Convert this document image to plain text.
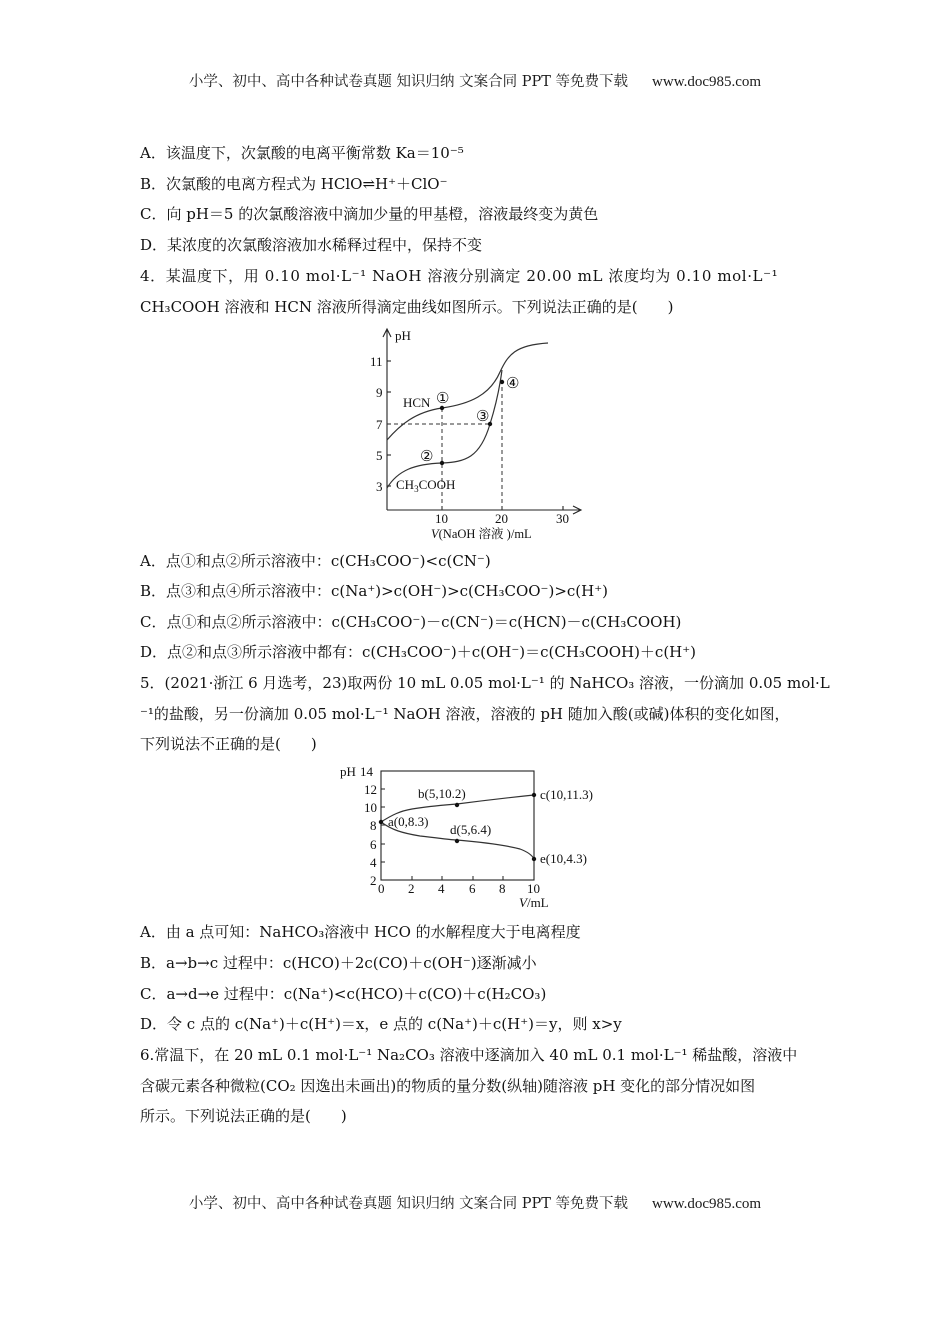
小学、初中、高中各种试卷真题 知识归纳 文案合同 PPT 等免费下载 www.doc985.com
A．该温度下，次氯酸的电离平衡常数 Ka＝10⁻⁵
B．次氯酸的电离方程式为 HClO⇌H⁺＋ClO⁻
C．向 pH＝5 的次氯酸溶液中滴加少量的甲基橙，溶液最终变为黄色
D．某浓度的次氯酸溶液加水稀释过程中，保持不变
4．某温度下，用 0.10 mol·L⁻¹ NaOH 溶液分别滴定 20.00 mL 浓度均为 0.10 mol·L⁻¹
CH₃COOH 溶液和 HCN 溶液所得滴定曲线如图所示。下列说法正确的是(　　)
pH
11
9
7
5
3
10	20	30
V(NaOH 溶液 )/mL
HCN
$CH_3COOH$
①
②
③
④
A．点①和点②所示溶液中：c(CH₃COO⁻)<c(CN⁻)
B．点③和点④所示溶液中：c(Na⁺)>c(OH⁻)>c(CH₃COO⁻)>c(H⁺)
C．点①和点②所示溶液中：c(CH₃COO⁻)－c(CN⁻)＝c(HCN)－c(CH₃COOH)
D．点②和点③所示溶液中都有：c(CH₃COO⁻)＋c(OH⁻)＝c(CH₃COOH)＋c(H⁺)
5．(2021·浙江 6 月选考，23)取两份 10 mL 0.05 mol·L⁻¹ 的 NaHCO₃ 溶液，一份滴加 0.05 mol·L
⁻¹的盐酸，另一份滴加 0.05 mol·L⁻¹ NaOH 溶液，溶液的 pH 随加入酸(或碱)体积的变化如图，
下列说法不正确的是(　　)
pH 14
12
10
8
6
4
2
0 2 4 6 8 10
V/mL
a(0,8.3)
b(5,10.2)	c(10,11.3)
d(5,6.4)
e(10,4.3)
A．由 a 点可知：NaHCO₃溶液中 HCO 的水解程度大于电离程度
B．a→b→c 过程中：c(HCO)＋2c(CO)＋c(OH⁻)逐渐减小
C．a→d→e 过程中：c(Na⁺)<c(HCO)＋c(CO)＋c(H₂CO₃)
D．令 c 点的 c(Na⁺)＋c(H⁺)＝x，e 点的 c(Na⁺)＋c(H⁺)＝y，则 x>y
6.常温下，在 20 mL 0.1 mol·L⁻¹ Na₂CO₃ 溶液中逐滴加入 40 mL 0.1 mol·L⁻¹ 稀盐酸，溶液中
含碳元素各种微粒(CO₂ 因逸出未画出)的物质的量分数(纵轴)随溶液 pH 变化的部分情况如图
所示。下列说法正确的是(　　)
小学、初中、高中各种试卷真题 知识归纳 文案合同 PPT 等免费下载 www.doc985.com
